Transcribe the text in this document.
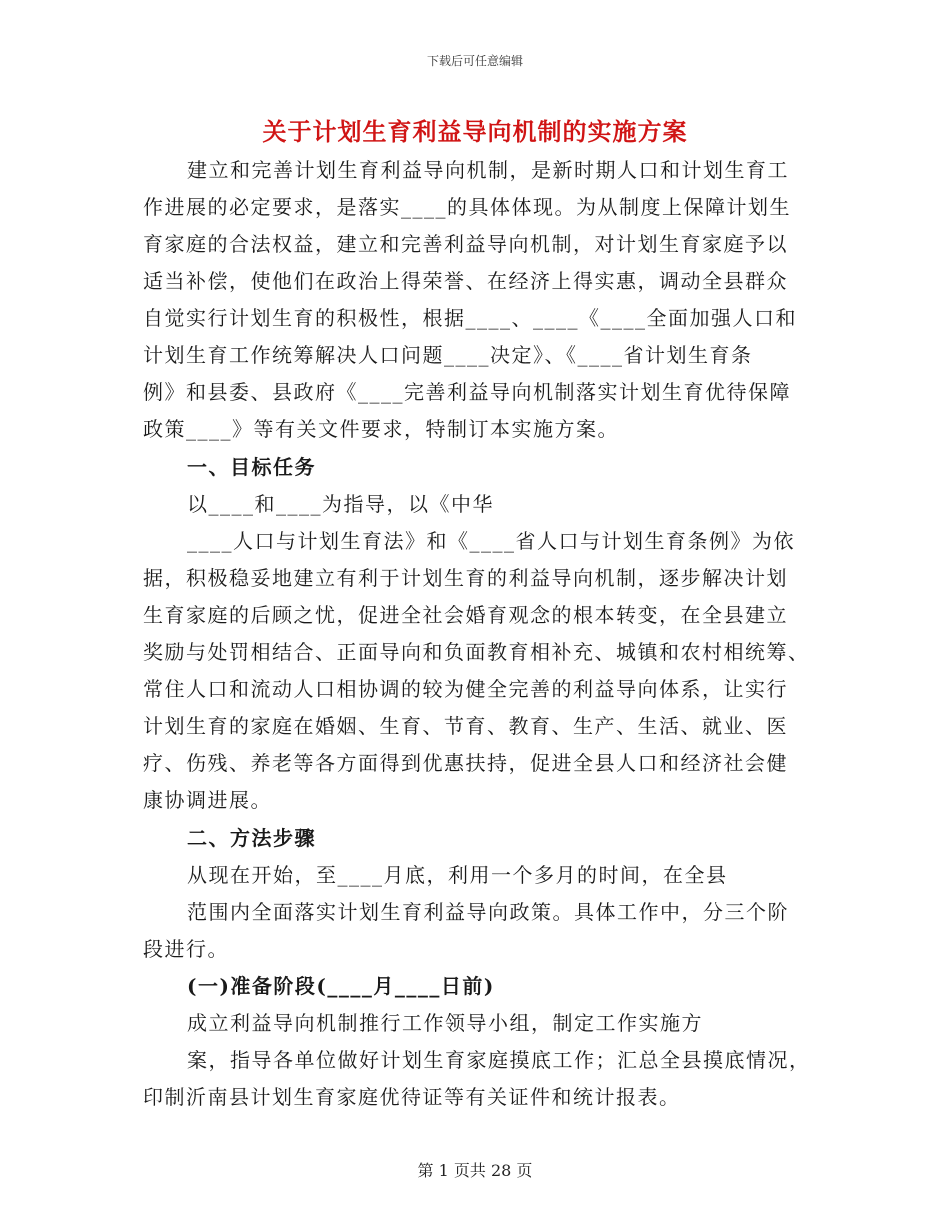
下载后可任意编辑
关于计划生育利益导向机制的实施方案
建立和完善计划生育利益导向机制，是新时期人口和计划生育工
作进展的必定要求，是落实____的具体体现。为从制度上保障计划生
育家庭的合法权益，建立和完善利益导向机制，对计划生育家庭予以
适当补偿，使他们在政治上得荣誉、在经济上得实惠，调动全县群众
自觉实行计划生育的积极性，根据____、____《____全面加强人口和
计划生育工作统筹解决人口问题____决定》、《____省计划生育条
例》和县委、县政府《____完善利益导向机制落实计划生育优待保障
政策____》等有关文件要求，特制订本实施方案。
一、目标任务
以____和____为指导，以《中华
____人口与计划生育法》和《____省人口与计划生育条例》为依
据，积极稳妥地建立有利于计划生育的利益导向机制，逐步解决计划
生育家庭的后顾之忧，促进全社会婚育观念的根本转变，在全县建立
奖励与处罚相结合、正面导向和负面教育相补充、城镇和农村相统筹、
常住人口和流动人口相协调的较为健全完善的利益导向体系，让实行
计划生育的家庭在婚姻、生育、节育、教育、生产、生活、就业、医
疗、伤残、养老等各方面得到优惠扶持，促进全县人口和经济社会健
康协调进展。
二、方法步骤
从现在开始，至____月底，利用一个多月的时间，在全县
范围内全面落实计划生育利益导向政策。具体工作中，分三个阶
段进行。
(一)准备阶段(____月____日前)
成立利益导向机制推行工作领导小组，制定工作实施方
案，指导各单位做好计划生育家庭摸底工作；汇总全县摸底情况，
印制沂南县计划生育家庭优待证等有关证件和统计报表。
第 1 页共 28 页
